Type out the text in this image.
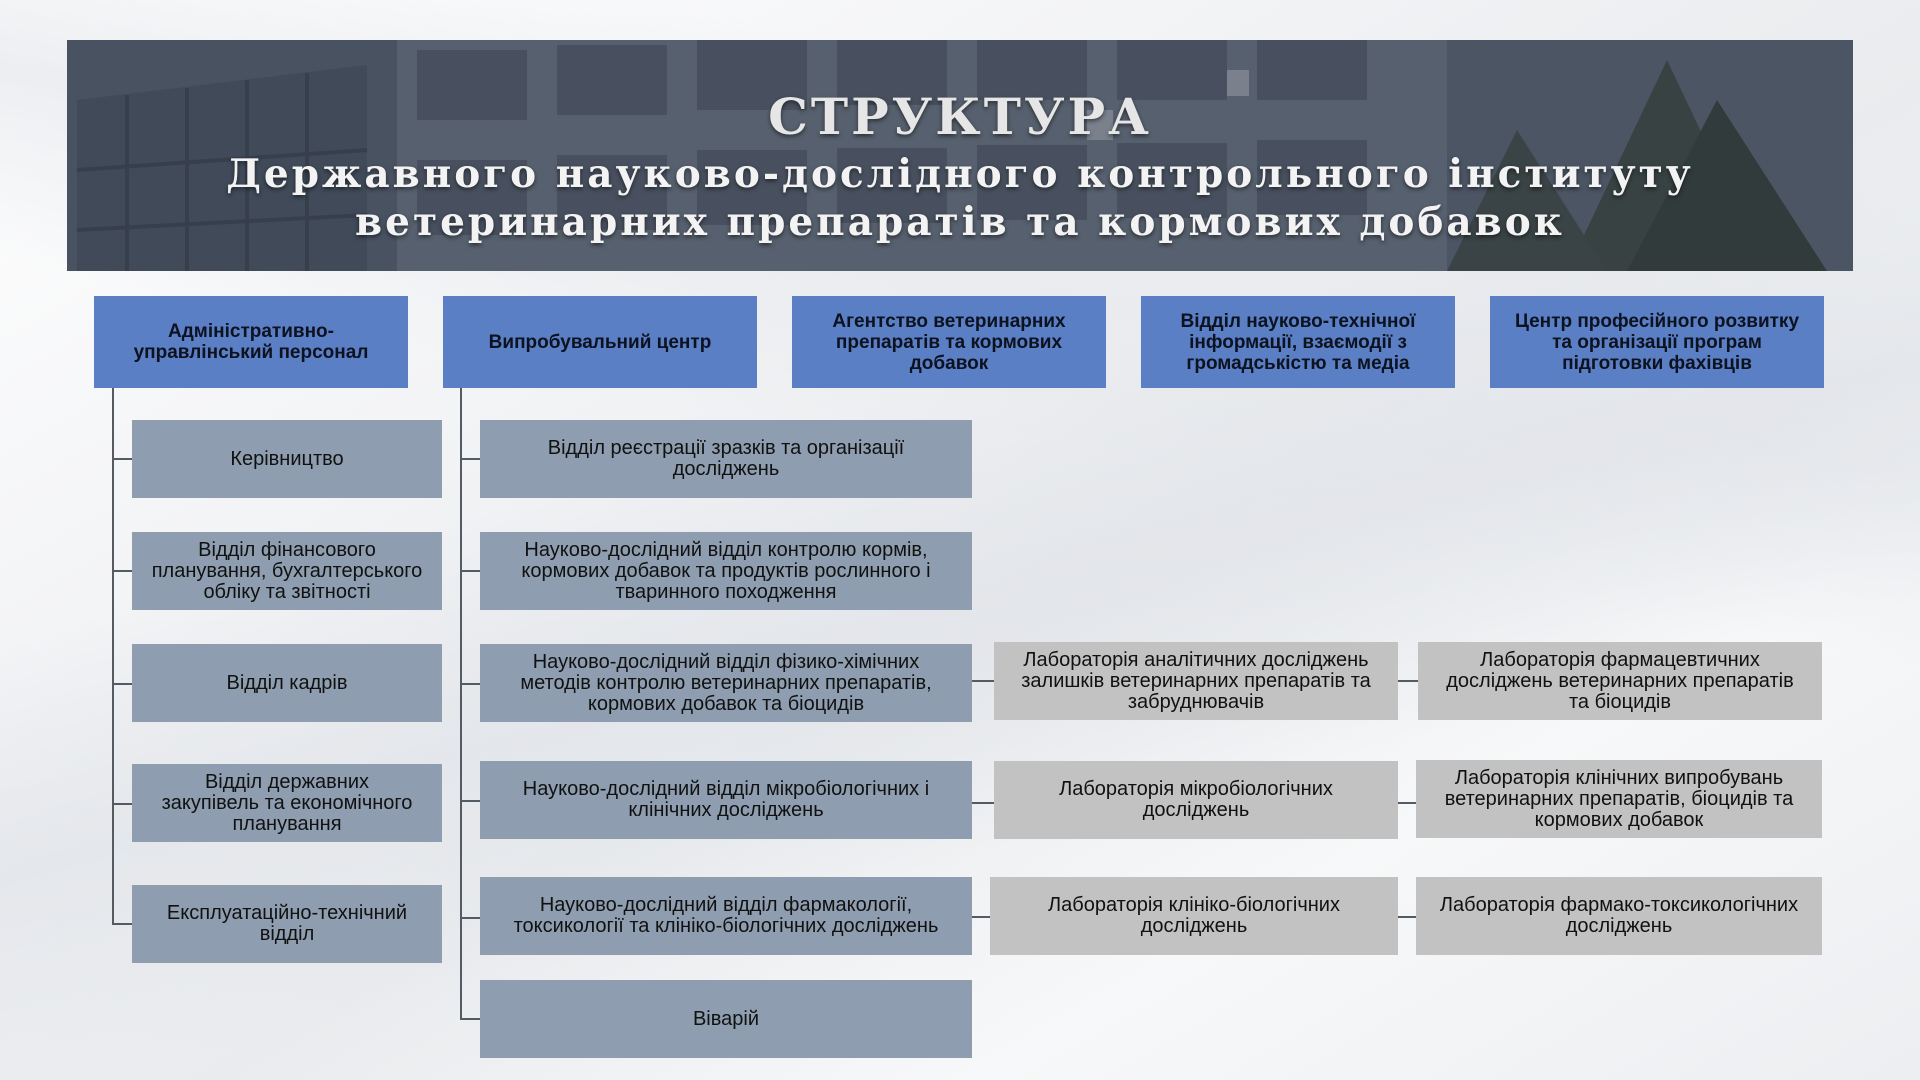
СТРУКТУРА
Державного науково-дослідного контрольного інституту
ветеринарних препаратів та кормових добавок
Адміністративно-
управлінський персонал	Випробувальний центр
Агентство ветеринарних
препаратів та кормових
добавок
Відділ науково-технічної
інформації, взаємодії з
громадськістю та медіа
Центр професійного розвитку
та організації програм
підготовки фахівців
Керівництво
Відділ фінансового
планування, бухгалтерського
обліку та звітності
Відділ кадрів
Відділ державних
закупівель та економічного
планування
Експлуатаційно-технічний
відділ
Відділ реєстрації зразків та організації
досліджень
Науково-дослідний відділ контролю кормів,
кормових добавок та продуктів рослинного і
тваринного походження
Науково-дослідний відділ фізико-хімічних
методів контролю ветеринарних препаратів,
кормових добавок та біоцидів
Науково-дослідний відділ мікробіологічних і
клінічних досліджень
Науково-дослідний відділ фармакології,
токсикології та клініко-біологічних досліджень
Віварій
Лабораторія аналітичних досліджень
залишків ветеринарних препаратів та
забруднювачів
Лабораторія фармацевтичних
досліджень ветеринарних препаратів
та біоцидів
Лабораторія мікробіологічних
досліджень
Лабораторія клінічних випробувань
ветеринарних препаратів, біоцидів та
кормових добавок
Лабораторія клініко-біологічних
досліджень
Лабораторія фармако-токсикологічних
досліджень
